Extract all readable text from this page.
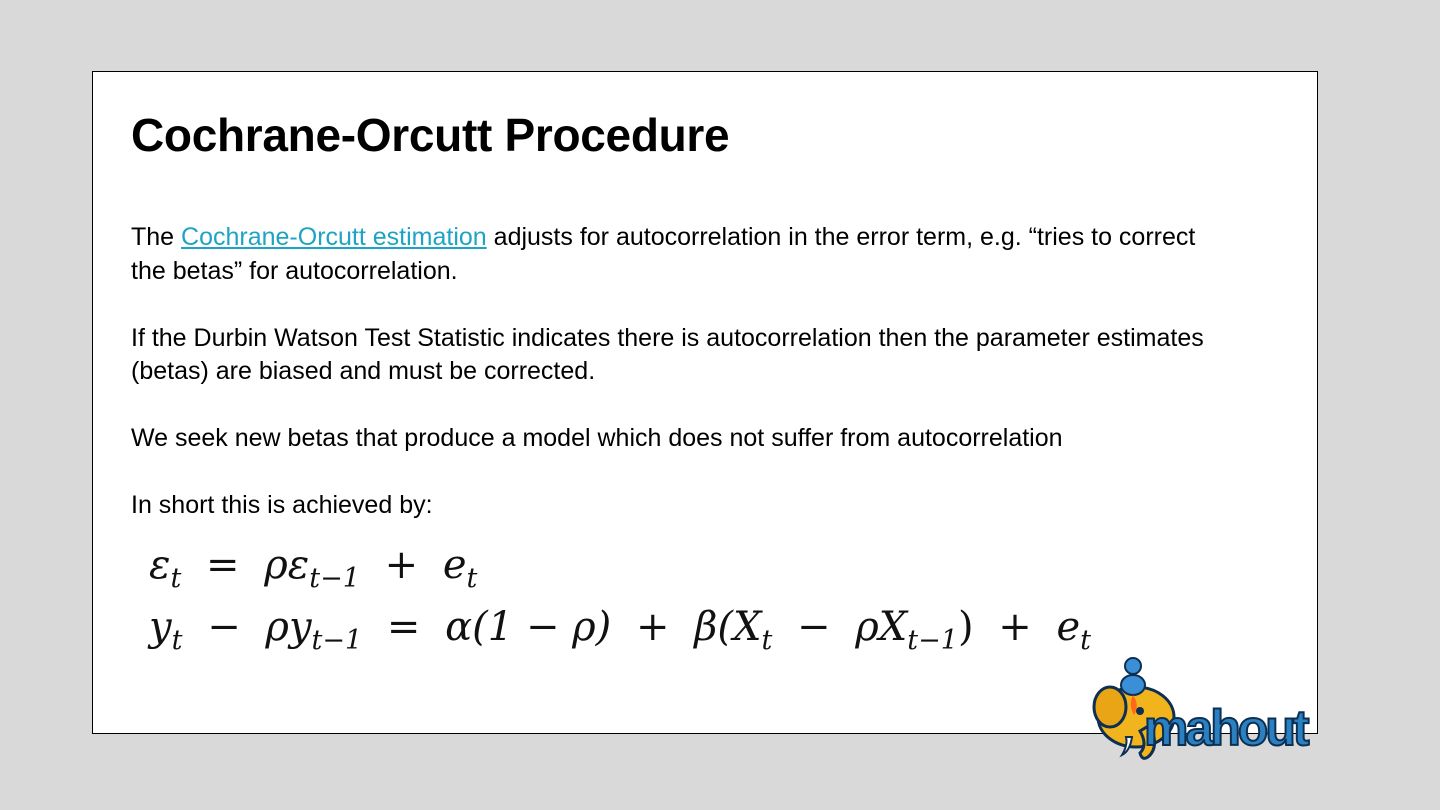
Cochrane-Orcutt Procedure

The Cochrane-Orcutt estimation adjusts for autocorrelation in the error term, e.g. “tries to correct the betas” for autocorrelation.

If the Durbin Watson Test Statistic indicates there is autocorrelation then the parameter estimates (betas) are biased and must be corrected.

We seek new betas that produce a model which does not suffer from autocorrelation

In short this is achieved by:

$\varepsilon_t = \rho\varepsilon_{t-1} + e_t$
$y_t - \rho y_{t-1} = \alpha(1 - \rho) + \beta(X_t - \rho X_{t-1}) + e_t$
mahout
